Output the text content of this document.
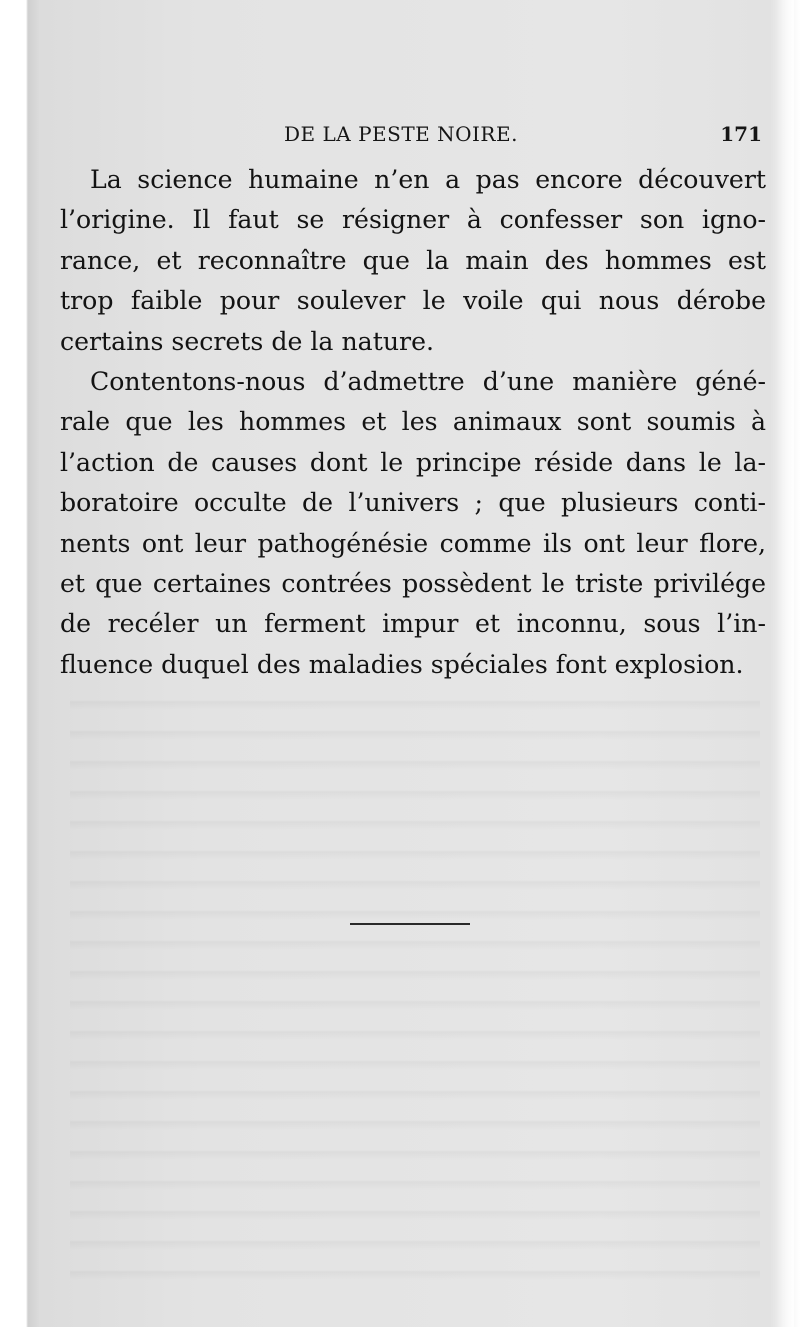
DE LA PESTE NOIRE.	171
La science humaine n’en a pas encore découvert
l’origine. Il faut se résigner à confesser son igno-
rance, et reconnaître que la main des hommes est
trop faible pour soulever le voile qui nous dérobe
certains secrets de la nature.
Contentons-nous d’admettre d’une manière géné-
rale que les hommes et les animaux sont soumis à
l’action de causes dont le principe réside dans le la-
boratoire occulte de l’univers ; que plusieurs conti-
nents ont leur pathogénésie comme ils ont leur flore,
et que certaines contrées possèdent le triste privilége
de recéler un ferment impur et inconnu, sous l’in-
fluence duquel des maladies spéciales font explosion.
